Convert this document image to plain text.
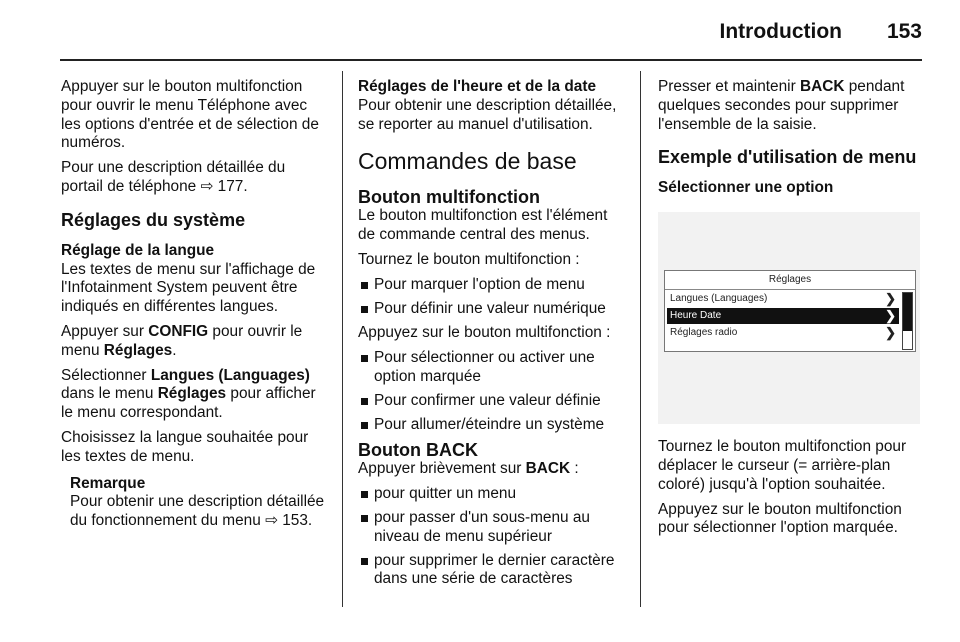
Introduction 153

Appuyer sur le bouton multifonction pour ouvrir le menu Téléphone avec les options d'entrée et de sélection de numéros.

Pour une description détaillée du portail de téléphone ⇨ 177.

Réglages du système
Réglage de la langue

Les textes de menu sur l'affichage de l'Infotainment System peuvent être indiqués en différentes langues.

Appuyer sur CONFIG pour ouvrir le menu Réglages.

Sélectionner Langues (Languages) dans le menu Réglages pour afficher le menu correspondant.

Choisissez la langue souhaitée pour les textes de menu.

Remarque
Pour obtenir une description détaillée du fonctionnement du menu ⇨ 153.
Réglages de l'heure et de la date

Pour obtenir une description détaillée, se reporter au manuel d'utilisation.

Commandes de base
Bouton multifonction

Le bouton multifonction est l'élément de commande central des menus.

Tournez le bouton multifonction :

Pour marquer l'option de menu
Pour définir une valeur numérique

Appuyez sur le bouton multifonction :

Pour sélectionner ou activer une option marquée
Pour confirmer une valeur définie
Pour allumer/éteindre un système
Bouton BACK

Appuyer brièvement sur BACK :

pour quitter un menu
pour passer d'un sous-menu au niveau de menu supérieur
pour supprimer le dernier caractère dans une série de caractères

Presser et maintenir BACK pendant quelques secondes pour supprimer l'ensemble de la saisie.

Exemple d'utilisation de menu
Sélectionner une option
Réglages
Langues (Languages)	❯
Heure Date	❯
Réglages radio	❯

Tournez le bouton multifonction pour déplacer le curseur (= arrière-plan coloré) jusqu'à l'option souhaitée.

Appuyez sur le bouton multifonction pour sélectionner l'option marquée.
